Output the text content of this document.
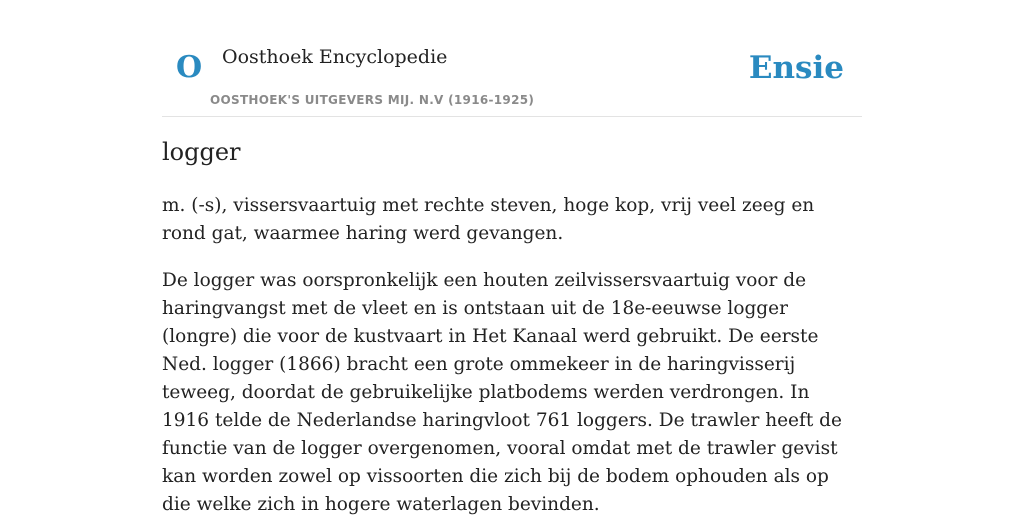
O Oosthoek Encyclopedie
OOSTHOEK'S UITGEVERS MIJ. N.V (1916-1925)
Ensie
logger

m. (-s), vissersvaartuig met rechte steven, hoge kop, vrij veel zeeg en rond gat, waarmee haring werd gevangen.

De logger was oorspronkelijk een houten zeilvissersvaartuig voor de haringvangst met de vleet en is ontstaan uit de 18e-eeuwse logger (longre) die voor de kustvaart in Het Kanaal werd gebruikt. De eerste Ned. logger (1866) bracht een grote ommekeer in de haringvisserij teweeg, doordat de gebruikelijke platbodems werden verdrongen. In 1916 telde de Nederlandse haringvloot 761 loggers. De trawler heeft de functie van de logger overgenomen, vooral omdat met de trawler gevist kan worden zowel op vissoorten die zich bij de bodem ophouden als op die welke zich in hogere waterlagen bevinden.
